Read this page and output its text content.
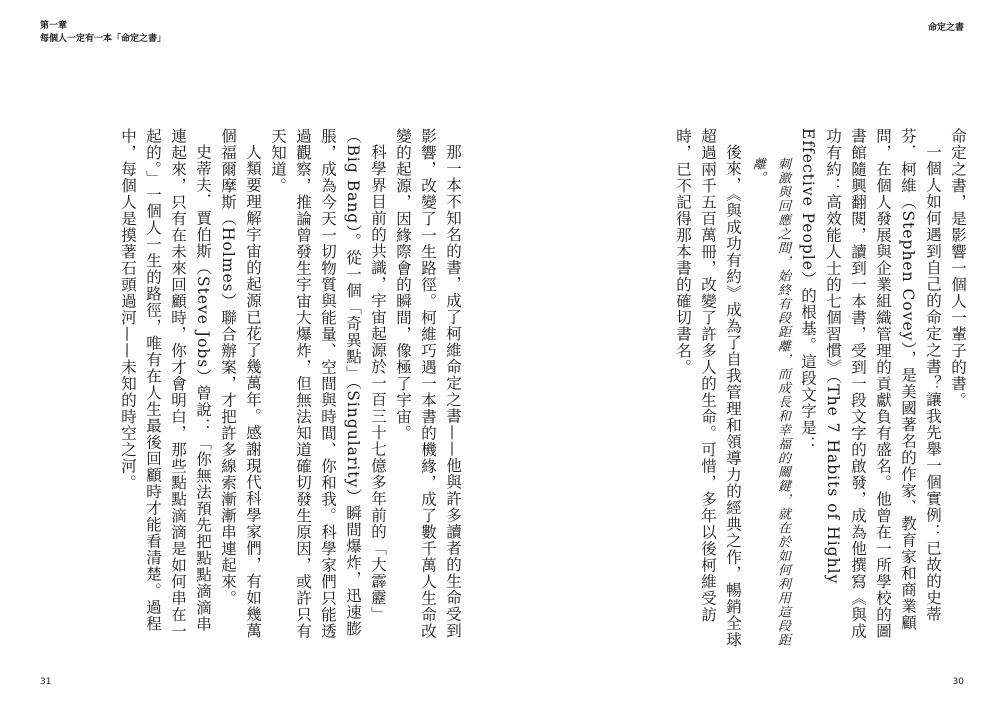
第一章
每個人一定有一本「命定之書」
命定之書

命定之書，是影響一個人一輩子的書。

一個人如何遇到自己的命定之書？讓我先舉一個實例：已故的史蒂芬．柯維（Stephen Covey），是美國著名的作家、教育家和商業顧問，在個人發展與企業組織管理的貢獻負有盛名。他曾在一所學校的圖書館隨興翻閱，讀到一本書，受到一段文字的啟發，成為他撰寫《與成功有約：高效能人士的七個習慣》（The 7 Habits of Highly Effective People）的根基。這段文字是：

刺激與回應之間，始終有段距離，而成長和幸福的關鍵，就在於如何利用這段距離。

後來，《與成功有約》成為了自我管理和領導力的經典之作，暢銷全球超過兩千五百萬冊，改變了許多人的生命。可惜，多年以後柯維受訪時，已不記得那本書的確切書名。

那一本不知名的書，成了柯維命定之書——他與許多讀者的生命受到影響，改變了一生路徑。柯維巧遇一本書的機緣，成了數千萬人生命改變的起源，因緣際會的瞬間，像極了宇宙。

科學界目前的共識，宇宙起源於一百三十七億多年前的「大霹靂」（Big Bang）。從一個「奇異點」（Singularity）瞬間爆炸，迅速膨脹，成為今天一切物質與能量、空間與時間、你和我。科學家們只能透過觀察，推論曾發生宇宙大爆炸，但無法知道確切發生原因，或許只有天知道。

人類要理解宇宙的起源已花了幾萬年。感謝現代科學家們，有如幾萬個福爾摩斯（Holmes）聯合辦案，才把許多線索漸漸串連起來。

史蒂夫．賈伯斯（Steve Jobs）曾說：「你無法預先把點點滴滴串連起來，只有在未來回顧時，你才會明白，那些點點滴滴是如何串在一起的。」一個人一生的路徑，唯有在人生最後回顧時才能看清楚。過程中，每個人是摸著石頭過河——未知的時空之河。

31	30
